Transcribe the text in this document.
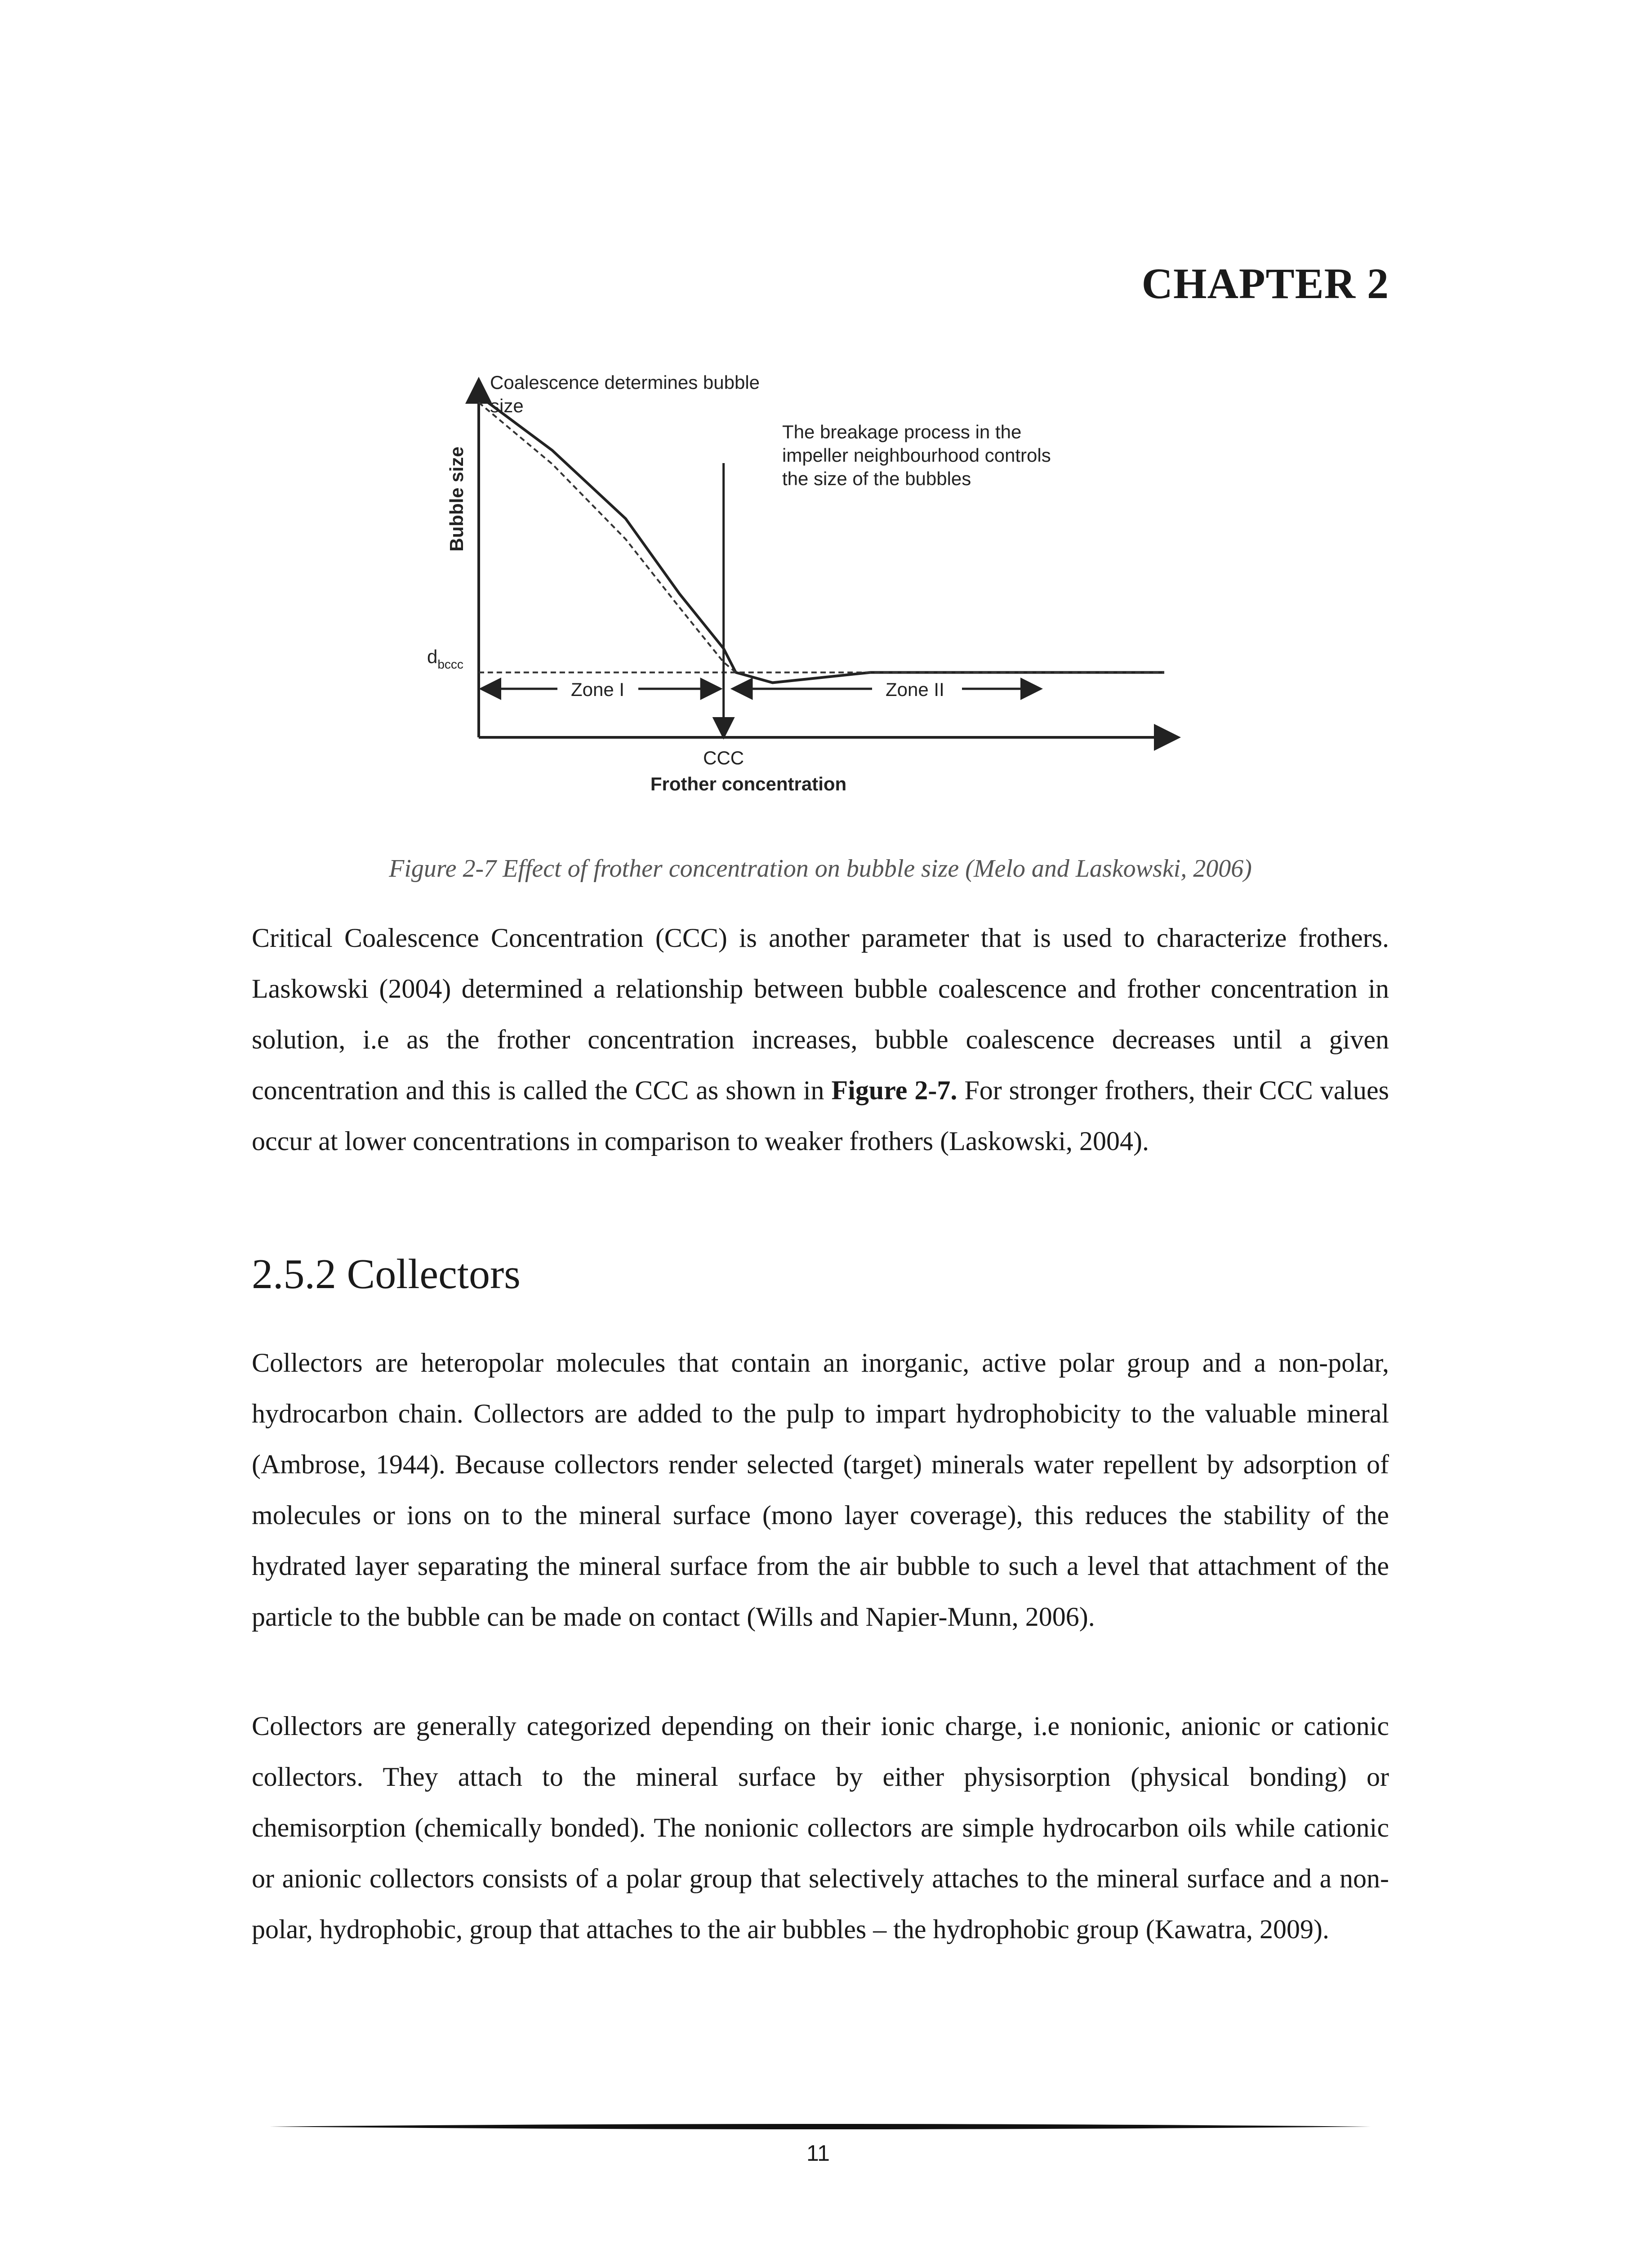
CHAPTER 2
Coalescence determines bubble
size
The breakage process in the
impeller neighbourhood controls
the size of the bubbles
Zone I	Zone II
Bubble size
$d_{bccc}$
CCC
Frother concentration
Figure 2-7 Effect of frother concentration on bubble size (Melo and Laskowski, 2006)

Critical Coalescence Concentration (CCC) is another parameter that is used to characterize frothers. Laskowski (2004) determined a relationship between bubble coalescence and frother concentration in solution, i.e as the frother concentration increases, bubble coalescence decreases until a given concentration and this is called the CCC as shown in Figure 2-7. For stronger frothers, their CCC values occur at lower concentrations in comparison to weaker frothers (Laskowski, 2004).

2.5.2 Collectors

Collectors are heteropolar molecules that contain an inorganic, active polar group and a non-polar, hydrocarbon chain. Collectors are added to the pulp to impart hydrophobicity to the valuable mineral (Ambrose, 1944). Because collectors render selected (target) minerals water repellent by adsorption of molecules or ions on to the mineral surface (mono layer coverage), this reduces the stability of the hydrated layer separating the mineral surface from the air bubble to such a level that attachment of the particle to the bubble can be made on contact (Wills and Napier-Munn, 2006).

Collectors are generally categorized depending on their ionic charge, i.e nonionic, anionic or cationic collectors. They attach to the mineral surface by either physisorption (physical bonding) or chemisorption (chemically bonded). The nonionic collectors are simple hydrocarbon oils while cationic or anionic collectors consists of a polar group that selectively attaches to the mineral surface and a non-polar, hydrophobic, group that attaches to the air bubbles – the hydrophobic group (Kawatra, 2009).

11
